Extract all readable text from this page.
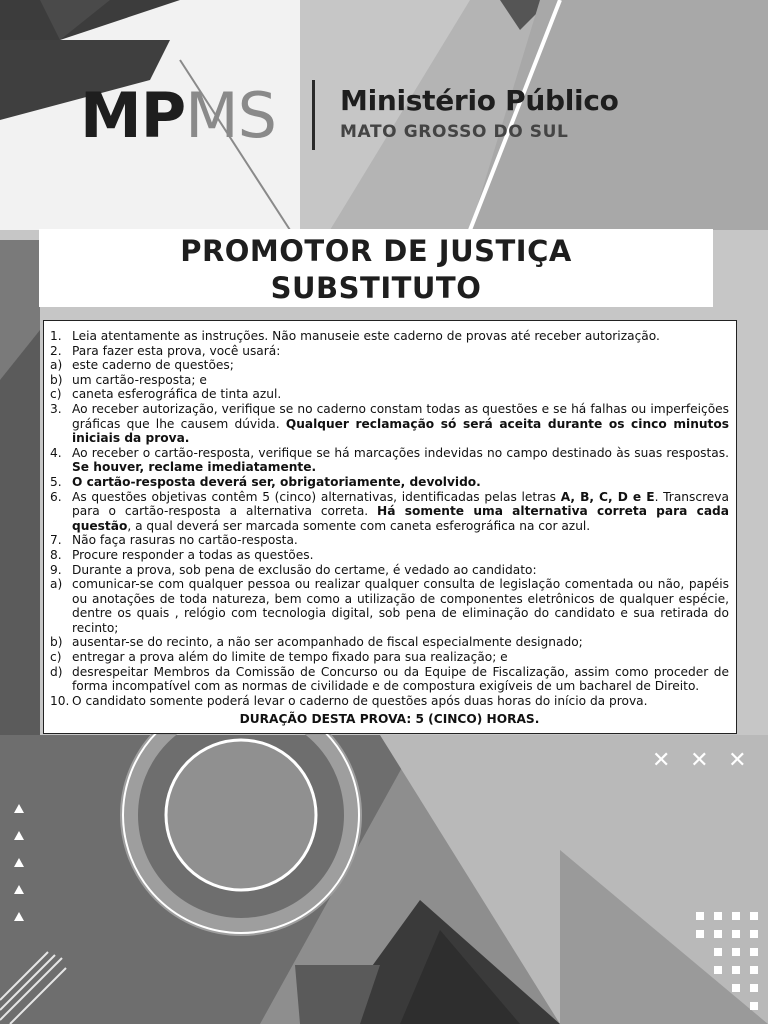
✕ ✕ ✕
MPMS Ministério Público
MATO GROSSO DO SUL
PROMOTOR DE JUSTIÇA
SUBSTITUTO
1. Leia atentamente as instruções. Não manuseie este caderno de provas até receber autorização.
2. Para fazer esta prova, você usará:
a) este caderno de questões;
b) um cartão-resposta; e
c) caneta esferográfica de tinta azul.
3. Ao receber autorização, verifique se no caderno constam todas as questões e se há falhas ou imperfeições gráficas que lhe causem dúvida. Qualquer reclamação só será aceita durante os cinco minutos iniciais da prova.
4. Ao receber o cartão-resposta, verifique se há marcações indevidas no campo destinado às suas respostas. Se houver, reclame imediatamente.
5. O cartão-resposta deverá ser, obrigatoriamente, devolvido.
6. As questões objetivas contêm 5 (cinco) alternativas, identificadas pelas letras A, B, C, D e E. Transcreva para o cartão-resposta a alternativa correta. Há somente uma alternativa correta para cada questão, a qual deverá ser marcada somente com caneta esferográfica na cor azul.
7. Não faça rasuras no cartão-resposta.
8. Procure responder a todas as questões.
9. Durante a prova, sob pena de exclusão do certame, é vedado ao candidato:
a) comunicar-se com qualquer pessoa ou realizar qualquer consulta de legislação comentada ou não, papéis ou anotações de toda natureza, bem como a utilização de componentes eletrônicos de qualquer espécie, dentre os quais , relógio com tecnologia digital, sob pena de eliminação do candidato e sua retirada do recinto;
b) ausentar-se do recinto, a não ser acompanhado de fiscal especialmente designado;
c) entregar a prova além do limite de tempo fixado para sua realização; e
d) desrespeitar Membros da Comissão de Concurso ou da Equipe de Fiscalização, assim como proceder de forma incompatível com as normas de civilidade e de compostura exigíveis de um bacharel de Direito.
10. O candidato somente poderá levar o caderno de questões após duas horas do início da prova.
DURAÇÃO DESTA PROVA: 5 (CINCO) HORAS.
